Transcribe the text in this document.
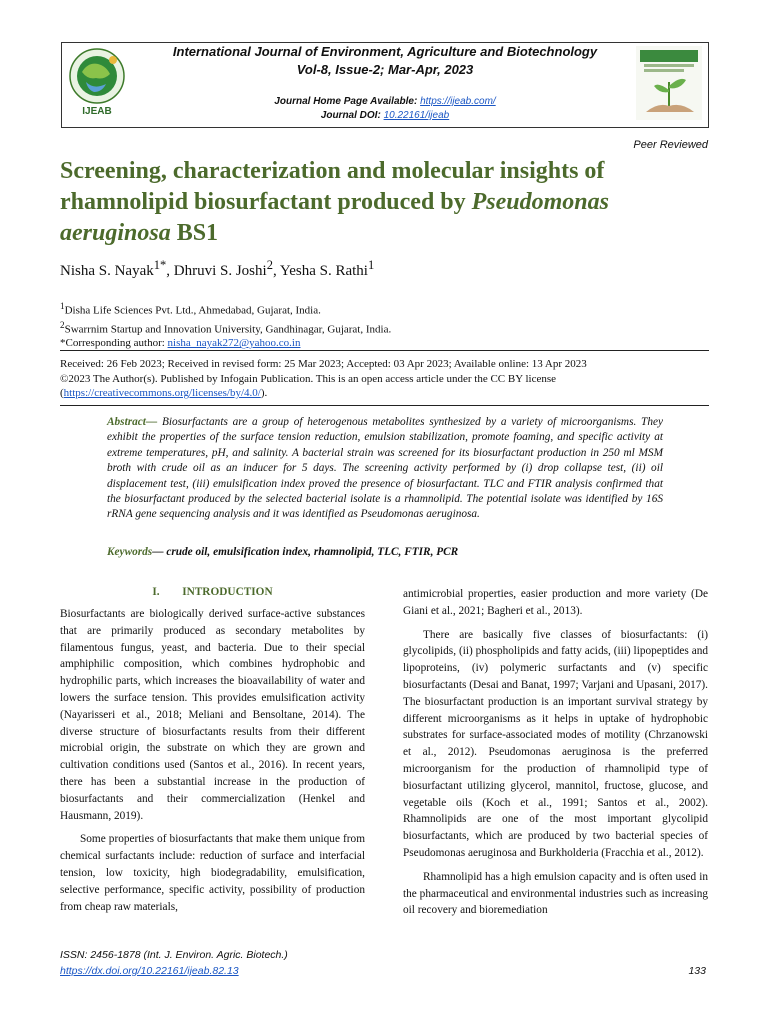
IJEAB
International Journal of Environment, Agriculture and Biotechnology
Vol-8, Issue-2; Mar-Apr, 2023
Journal Home Page Available: https://ijeab.com/
Journal DOI: 10.22161/ijeab
Peer Reviewed
Screening, characterization and molecular insights of rhamnolipid biosurfactant produced by Pseudomonas aeruginosa BS1
Nisha S. Nayak$^{1*}$, Dhruvi S. Joshi$^2$, Yesha S. Rathi$^1$
$^1$Disha Life Sciences Pvt. Ltd., Ahmedabad, Gujarat, India.
$^2$Swarrnim Startup and Innovation University, Gandhinagar, Gujarat, India.
*Corresponding author: nisha_nayak272@yahoo.co.in
Received: 26 Feb 2023; Received in revised form: 25 Mar 2023; Accepted: 03 Apr 2023; Available online: 13 Apr 2023
©2023 The Author(s). Published by Infogain Publication. This is an open access article under the CC BY license
(https://creativecommons.org/licenses/by/4.0/).
Abstract— Biosurfactants are a group of heterogenous metabolites synthesized by a variety of microorganisms. They exhibit the properties of the surface tension reduction, emulsion stabilization, promote foaming, and specific activity at extreme temperatures, pH, and salinity. A bacterial strain was screened for its biosurfactant production in 250 ml MSM broth with crude oil as an inducer for 5 days. The screening activity performed by (i) drop collapse test, (ii) oil displacement test, (iii) emulsification index proved the presence of biosurfactant. TLC and FTIR analysis confirmed that the biosurfactant produced by the selected bacterial isolate is a rhamnolipid. The potential isolate was identified by 16S rRNA gene sequencing analysis and it was identified as Pseudomonas aeruginosa.
Keywords— crude oil, emulsification index, rhamnolipid, TLC, FTIR, PCR
I. INTRODUCTION

Biosurfactants are biologically derived surface-active substances that are primarily produced as secondary metabolites by filamentous fungus, yeast, and bacteria. Due to their special amphiphilic composition, which combines hydrophobic and hydrophilic parts, which increases the bioavailability of water and lowers the surface tension. This provides emulsification activity (Nayarisseri et al., 2018; Meliani and Bensoltane, 2014). The diverse structure of biosurfactants results from their different microbial origin, the substrate on which they are grown and cultivation conditions used (Santos et al., 2016). In recent years, there has been a substantial increase in the production of biosurfactants and their commercialization (Henkel and Hausmann, 2019).

Some properties of biosurfactants that make them unique from chemical surfactants include: reduction of surface and interfacial tension, low toxicity, high biodegradability, emulsification, selective performance, specific activity, possibility of production from cheap raw materials,

antimicrobial properties, easier production and more variety (De Giani et al., 2021; Bagheri et al., 2013).

There are basically five classes of biosurfactants: (i) glycolipids, (ii) phospholipids and fatty acids, (iii) lipopeptides and lipoproteins, (iv) polymeric surfactants and (v) specific biosurfactants (Desai and Banat, 1997; Varjani and Upasani, 2017). The biosurfactant production is an important survival strategy by different microorganisms as it helps in uptake of hydrophobic substrates for surface-associated modes of motility (Chrzanowski et al., 2012). Pseudomonas aeruginosa is the preferred microorganism for the production of rhamnolipid type of biosurfactant utilizing glycerol, mannitol, fructose, glucose, and vegetable oils (Koch et al., 1991; Santos et al., 2002). Rhamnolipids are one of the most important glycolipid biosurfactants, which are produced by two bacterial species of Pseudomonas aeruginosa and Burkholderia (Fracchia et al., 2012).

Rhamnolipid has a high emulsion capacity and is often used in the pharmaceutical and environmental industries such as increasing oil recovery and bioremediation

ISSN: 2456-1878 (Int. J. Environ. Agric. Biotech.)
https://dx.doi.org/10.22161/ijeab.82.13	133
